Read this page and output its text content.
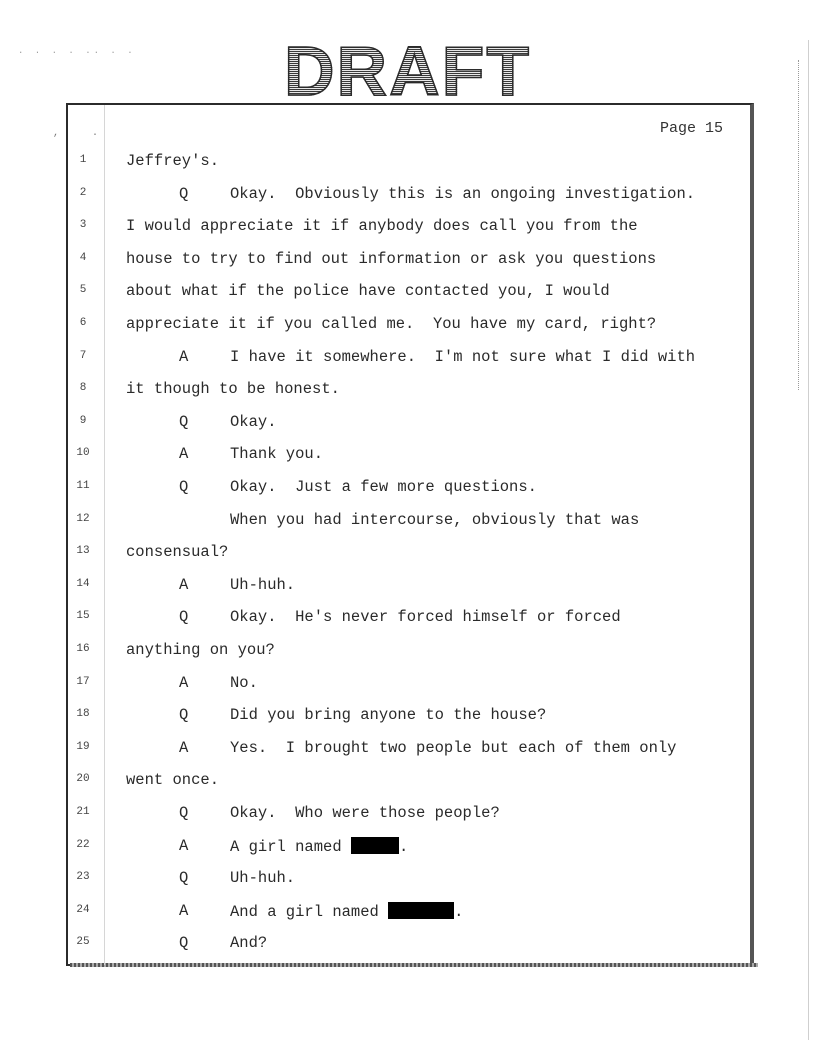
· · · · ·· · · DRAFT
,	.	Page 15
1	Jeffrey's.
2	Q	Okay.  Obviously this is an ongoing investigation.
3	I would appreciate it if anybody does call you from the
4	house to try to find out information or ask you questions
5	about what if the police have contacted you, I would
6	appreciate it if you called me.  You have my card, right?
7	A	I have it somewhere.  I'm not sure what I did with
8	it though to be honest.
9	Q	Okay.
10	A	Thank you.
11	Q	Okay.  Just a few more questions.
12	When you had intercourse, obviously that was
13	consensual?
14	A	Uh-huh.
15	Q	Okay.  He's never forced himself or forced
16	anything on you?
17	A	No.
18	Q	Did you bring anyone to the house?
19	A	Yes.  I brought two people but each of them only
20	went once.
21	Q	Okay.  Who were those people?
22	A	A girl named	.
23	Q	Uh-huh.
24	A	And a girl named	.
25	Q	And?
